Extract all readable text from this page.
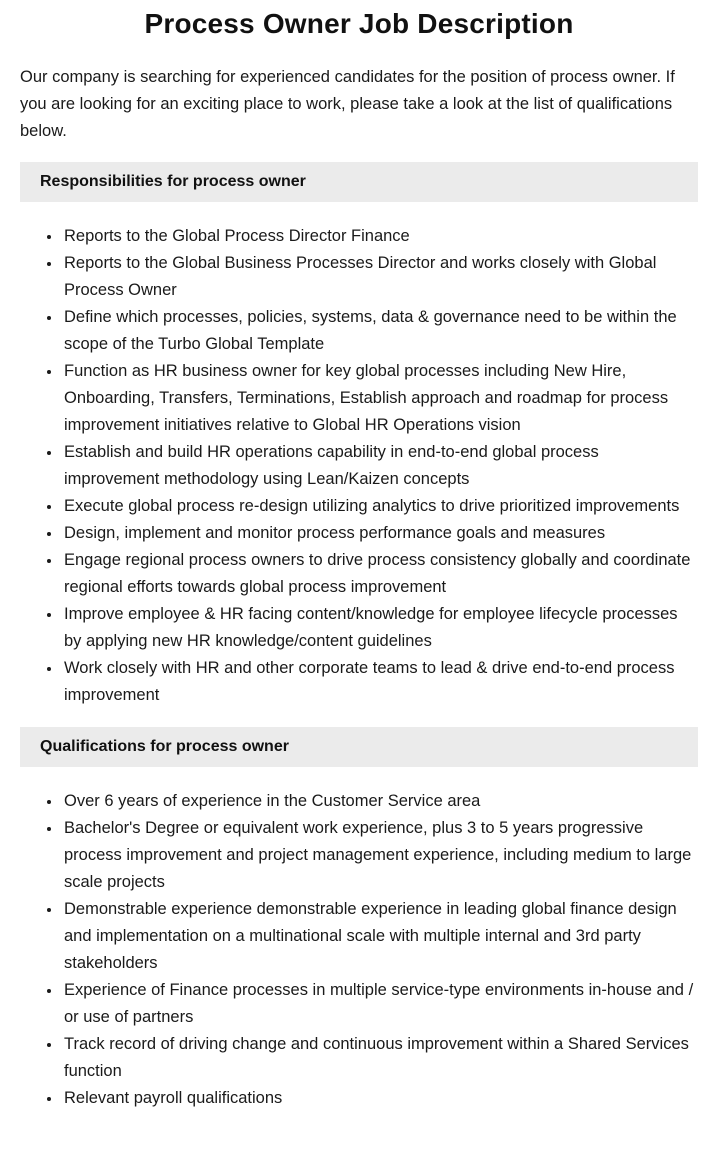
Process Owner Job Description

Our company is searching for experienced candidates for the position of process owner. If you are looking for an exciting place to work, please take a look at the list of qualifications below.

Responsibilities for process owner
• Reports to the Global Process Director Finance
• Reports to the Global Business Processes Director and works closely with Global Process Owner
• Define which processes, policies, systems, data & governance need to be within the scope of the Turbo Global Template
• Function as HR business owner for key global processes including New Hire, Onboarding, Transfers, Terminations, Establish approach and roadmap for process improvement initiatives relative to Global HR Operations vision
• Establish and build HR operations capability in end-to-end global process improvement methodology using Lean/Kaizen concepts
• Execute global process re-design utilizing analytics to drive prioritized improvements
• Design, implement and monitor process performance goals and measures
• Engage regional process owners to drive process consistency globally and coordinate regional efforts towards global process improvement
• Improve employee & HR facing content/knowledge for employee lifecycle processes by applying new HR knowledge/content guidelines
• Work closely with HR and other corporate teams to lead & drive end-to-end process improvement
Qualifications for process owner
• Over 6 years of experience in the Customer Service area
• Bachelor's Degree or equivalent work experience, plus 3 to 5 years progressive process improvement and project management experience, including medium to large scale projects
• Demonstrable experience demonstrable experience in leading global finance design and implementation on a multinational scale with multiple internal and 3rd party stakeholders
• Experience of Finance processes in multiple service-type environments in-house and / or use of partners
• Track record of driving change and continuous improvement within a Shared Services function
• Relevant payroll qualifications
